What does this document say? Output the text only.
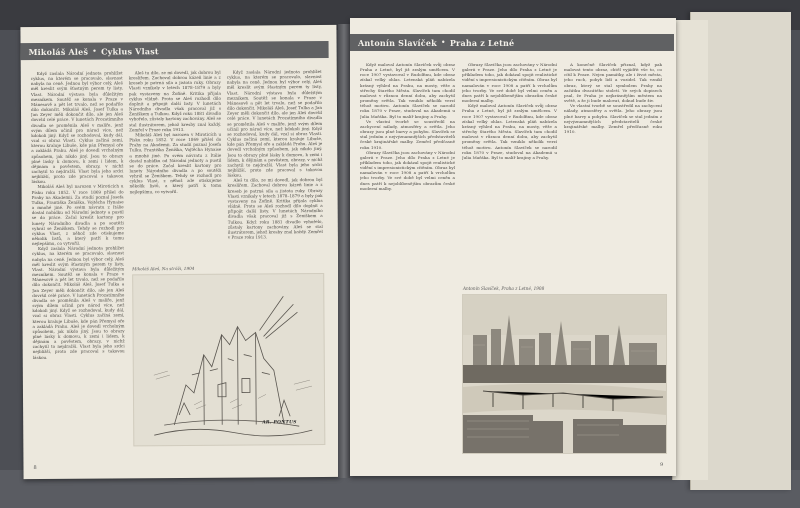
Mikoláš Aleš • Cyklus Vlast

Když zaslala Národní jednota prohlížet cyklus, na kterém se pracovalo, slavnost nabyla na ceně. Jednou byl výbor celý, Aleš měl kreslit svým šťastným perem ty listy, Vlast. Národní výstava byla důležitým mezníkem. Soutěž se konala v Praze v Mánesově a pět let trvalo, než se podařilo dílo dokončit. Mikoláš Aleš, Josef Tulka a Jan Zeyer měli dokončit dílo, ale jen Aleš dovršil celé práce. V lunetách Prozatímního divadla se proměnila Aleš v malíře, jenž svým dílem učinil pro národ více, než kdokoli jiný. Když se rozhodoval, kudy dál, vzal si obraz Vlasti. Cyklus začíná zemí, kterou kraluje Libuše, kde pán Přemysl oře a zakládá Prahu. Aleš je dovedl vrcholným způsobem, jak nikdo jiný. Jsou to obrazy plné lásky k domovu, k zemi i lidem, k dějinám a pověstem, obrazy, v nichž zachytil to nejdražší. Vlast byla jeho srdci nejbližší, proto zde pracoval s takovou láskou.

Mikoláš Aleš byl narozen v Miroticích u Písku roku 1852. V roce 1869 přišel do Prahy na Akademii. Za studií poznal Josefa Tulku, Františka Ženíška, Vojtěcha Hynaise a mnohé jiné. Po svém návratu z Itálie dostal nabídku od Národní jednoty a pustil se do práce. Začal kreslit kartony pro lunety Národního divadla a po soutěži vyhrál se Ženíškem. Tehdy se rozhodl pro cyklus Vlast, z něhož zde otiskujeme několik listů, a který patří k tomu nejlepšímu, co vytvořil.

Když zaslala Národní jednota prohlížet cyklus, na kterém se pracovalo, slavnost nabyla na ceně. Jednou byl výbor celý, Aleš měl kreslit svým šťastným perem ty listy, Vlast. Národní výstava byla důležitým mezníkem. Soutěž se konala v Praze v Mánesově a pět let trvalo, než se podařilo dílo dokončit. Mikoláš Aleš, Josef Tulka a Jan Zeyer měli dokončit dílo, ale jen Aleš dovršil celé práce. V lunetách Prozatímního divadla se proměnila Aleš v malíře, jenž svým dílem učinil pro národ více, než kdokoli jiný. Když se rozhodoval, kudy dál, vzal si obraz Vlasti. Cyklus začíná zemí, kterou kraluje Libuše, kde pán Přemysl oře a zakládá Prahu. Aleš je dovedl vrcholným způsobem, jak nikdo jiný. Jsou to obrazy plné lásky k domovu, k zemi i lidem, k dějinám a pověstem, obrazy, v nichž zachytil to nejdražší. Vlast byla jeho srdci nejbližší, proto zde pracoval s takovou láskou.

Aleš tu dílo, ze mi dovedl, jak dobrou byl kreslířem. Zachoval dobrou kázeň linie a z kreseb je patrná síla a jistota ruky. Obrazy Vlasti vznikaly v letech 1878–1879 a byly pak vystaveny na Žofíně. Kritika přijala cyklus vlídně. Proto se Aleš rozhodl dílo doplnit a připojit další listy. V lunetách Národního divadla však pracoval již s Ženíškem a Tulkou. Když roku 1881 divadlo vyhořelo, zůstaly kartony zachovány. Aleš se stal ilustrátorem, jehož kresby znal každý. Zemřel v Praze roku 1913.

Mikoláš Aleš byl narozen v Miroticích u Písku roku 1852. V roce 1869 přišel do Prahy na Akademii. Za studií poznal Josefa Tulku, Františka Ženíška, Vojtěcha Hynaise a mnohé jiné. Po svém návratu z Itálie dostal nabídku od Národní jednoty a pustil se do práce. Začal kreslit kartony pro lunety Národního divadla a po soutěži vyhrál se Ženíškem. Tehdy se rozhodl pro cyklus Vlast, z něhož zde otiskujeme několik listů, a který patří k tomu nejlepšímu, co vytvořil.

Když zaslala Národní jednota prohlížet cyklus, na kterém se pracovalo, slavnost nabyla na ceně. Jednou byl výbor celý, Aleš měl kreslit svým šťastným perem ty listy, Vlast. Národní výstava byla důležitým mezníkem. Soutěž se konala v Praze v Mánesově a pět let trvalo, než se podařilo dílo dokončit. Mikoláš Aleš, Josef Tulka a Jan Zeyer měli dokončit dílo, ale jen Aleš dovršil celé práce. V lunetách Prozatímního divadla se proměnila Aleš v malíře, jenž svým dílem učinil pro národ více, než kdokoli jiný. Když se rozhodoval, kudy dál, vzal si obraz Vlasti. Cyklus začíná zemí, kterou kraluje Libuše, kde pán Přemysl oře a zakládá Prahu. Aleš je dovedl vrcholným způsobem, jak nikdo jiný. Jsou to obrazy plné lásky k domovu, k zemi i lidem, k dějinám a pověstem, obrazy, v nichž zachytil to nejdražší. Vlast byla jeho srdci nejbližší, proto zde pracoval s takovou láskou.

Aleš tu dílo, ze mi dovedl, jak dobrou byl kreslířem. Zachoval dobrou kázeň linie a z kreseb je patrná síla a jistota ruky. Obrazy Vlasti vznikaly v letech 1878–1879 a byly pak vystaveny na Žofíně. Kritika přijala cyklus vlídně. Proto se Aleš rozhodl dílo doplnit a připojit další listy. V lunetách Národního divadla však pracoval již s Ženíškem a Tulkou. Když roku 1881 divadlo vyhořelo, zůstaly kartony zachovány. Aleš se stal ilustrátorem, jehož kresby znal každý. Zemřel v Praze roku 1913.

Mikoláš Aleš, Na stráži, 1904
AR. PONTUS
8
Antonín Slavíček • Praha z Letné

Když maloval Antonín Slavíček svůj obraz Praha z Letné, byl již zralým umělcem. V roce 1907 vystavoval v Rudolfinu, kde obraz získal velký ohlas. Letenská pláň nabízela krásný výhled na Prahu, na mosty, věže a střechy Starého Města. Slavíček tam chodil malovat v různou denní dobu, aby zachytil proměny světla. Tak vzniklo několik verzí téhož motivu. Antonín Slavíček se narodil roku 1870 v Praze, studoval na Akademii u Julia Mařáka. Byl to malíř krajiny a Prahy.

Ve vlastní tvorbě se soustředil na zachycení nálady, atmosféry a světla. Jeho obrazy jsou plné barvy a pohybu. Slavíček se stal jedním z nejvýznamnějších představitelů české krajinářské malby. Zemřel předčasně roku 1910.

Obrazy Slavíčka jsou zachovány v Národní galerii v Praze. Jeho dílo Praha z Letné je příkladem toho, jak dokázal spojit realistické vidění s impresionistickým cítěním. Obraz byl namalován v roce 1908 a patří k vrcholům jeho tvorby. Ve své době byl velmi ceněn a dnes patří k nejoblíbenějším obrazům české moderní malby.

Obrazy Slavíčka jsou zachovány v Národní galerii v Praze. Jeho dílo Praha z Letné je příkladem toho, jak dokázal spojit realistické vidění s impresionistickým cítěním. Obraz byl namalován v roce 1908 a patří k vrcholům jeho tvorby. Ve své době byl velmi ceněn a dnes patří k nejoblíbenějším obrazům české moderní malby.

Když maloval Antonín Slavíček svůj obraz Praha z Letné, byl již zralým umělcem. V roce 1907 vystavoval v Rudolfinu, kde obraz získal velký ohlas. Letenská pláň nabízela krásný výhled na Prahu, na mosty, věže a střechy Starého Města. Slavíček tam chodil malovat v různou denní dobu, aby zachytil proměny světla. Tak vzniklo několik verzí téhož motivu. Antonín Slavíček se narodil roku 1870 v Praze, studoval na Akademii u Julia Mařáka. Byl to malíř krajiny a Prahy.

A konečně Slavíček přiznal, když pak malovat tento obraz, chtěl vyjádřit vše to, co cítil k Praze. Nejen památky, ale i život města, jeho ruch, pohyb lidí a vozidel. Tak vznikl obraz, který se stal symbolem Prahy na začátku dvacátého století. Ve svých dopisech psal, že Praha je nejkrásnějším městem na světě, a že ji bude malovat, dokud bude živ.

Ve vlastní tvorbě se soustředil na zachycení nálady, atmosféry a světla. Jeho obrazy jsou plné barvy a pohybu. Slavíček se stal jedním z nejvýznamnějších představitelů české krajinářské malby. Zemřel předčasně roku 1910.

Antonín Slavíček, Praha z Letné, 1908
9
